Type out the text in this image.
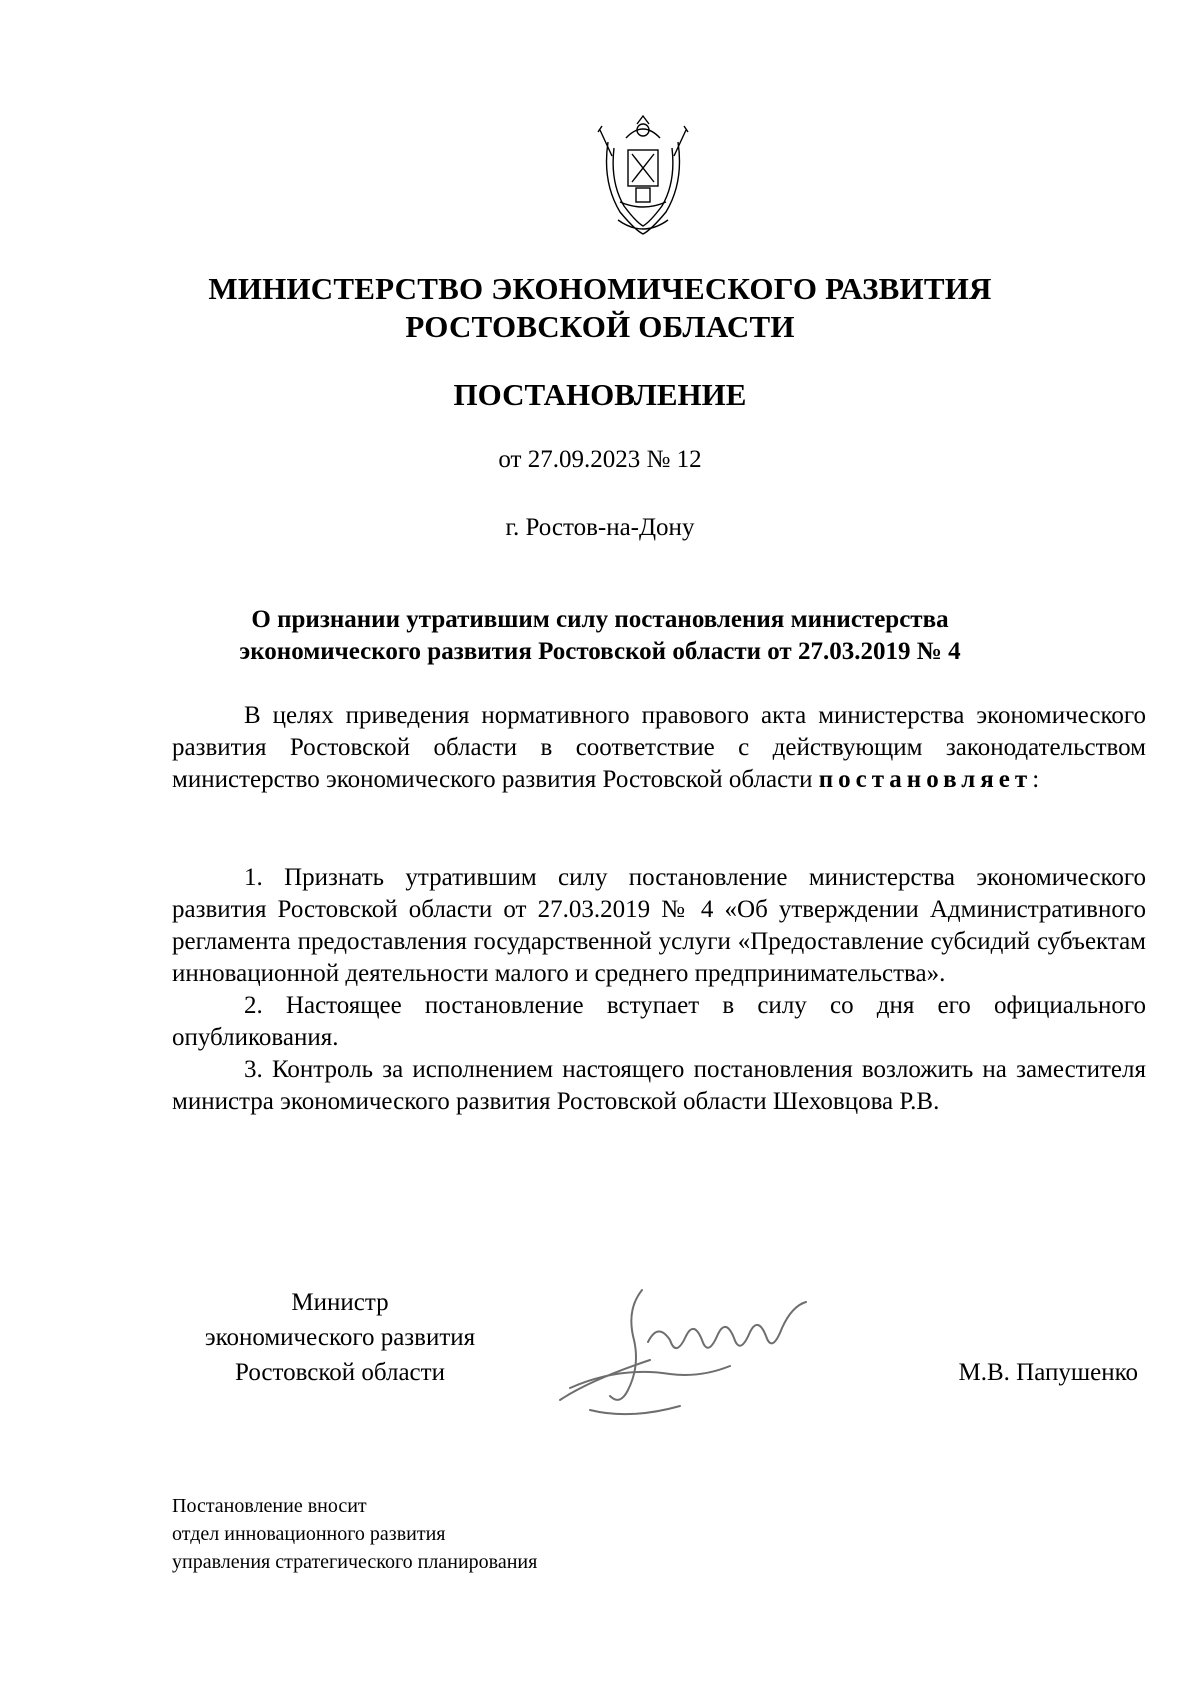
МИНИСТЕРСТВО ЭКОНОМИЧЕСКОГО РАЗВИТИЯ
РОСТОВСКОЙ ОБЛАСТИ
ПОСТАНОВЛЕНИЕ
от 27.09.2023 № 12
г. Ростов-на-Дону
О признании утратившим силу постановления министерства
экономического развития Ростовской области от 27.03.2019 № 4

В целях приведения нормативного правового акта министерства экономического развития Ростовской области в соответствие с действующим законодательством министерство экономического развития Ростовской области постановляет:

1. Признать утратившим силу постановление министерства экономического развития Ростовской области от 27.03.2019 № 4 «Об утверждении Административного регламента предоставления государственной услуги «Предоставление субсидий субъектам инновационной деятельности малого и среднего предпринимательства».

2. Настоящее постановление вступает в силу со дня его официального опубликования.

3. Контроль за исполнением настоящего постановления возложить на заместителя министра экономического развития Ростовской области Шеховцова Р.В.

Министр
экономического развития
Ростовской области	М.В. Папушенко
Постановление вносит
отдел инновационного развития
управления стратегического планирования
